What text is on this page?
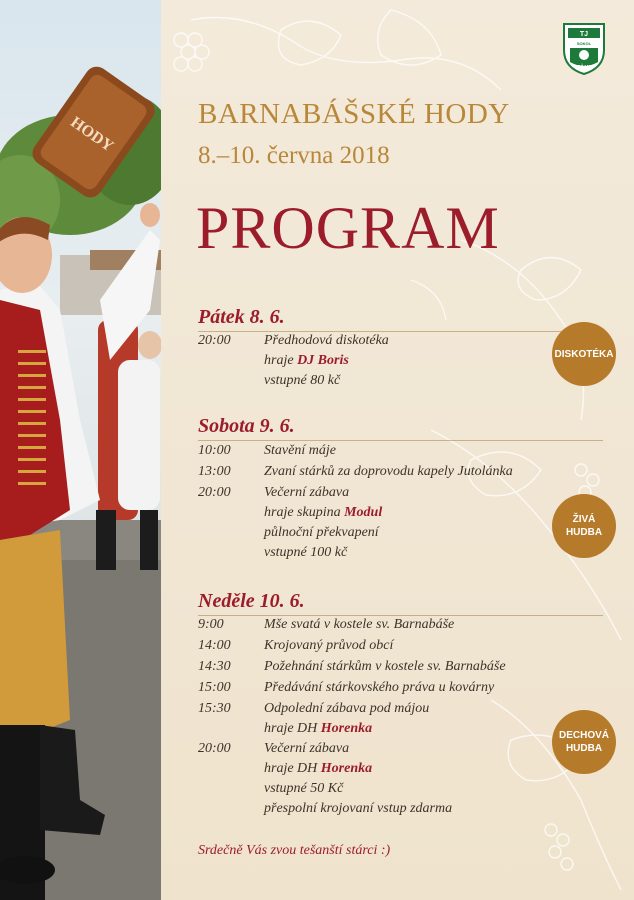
HODY
TJ
SOKOL
TEŠANY
BARNABÁŠSKÉ HODY
8.–10. června 2018
PROGRAM
Pátek 8. 6.
20:00 Předhodová diskotéka
hraje DJ Boris
vstupné 80 kč
DISKOTÉKA
Sobota 9. 6.
10:00 Stavění máje
13:00 Zvaní stárků za doprovodu kapely Jutolánka
20:00 Večerní zábava
hraje skupina Modul
půlnoční překvapení
vstupné 100 kč
ŽIVÁ
HUDBA
Neděle 10. 6.
9:00	Mše svatá v kostele sv. Barnabáše
14:00 Krojovaný průvod obcí
14:30 Požehnání stárkům v kostele sv. Barnabáše
15:00 Předávání stárkovského práva u kovárny
15:30 Odpolední zábava pod májou
hraje DH Horenka
20:00 Večerní zábava
hraje DH Horenka
vstupné 50 Kč
přespolní krojovaní vstup zdarma
DECHOVÁ
HUDBA
Srdečně Vás zvou tešanští stárci :)
